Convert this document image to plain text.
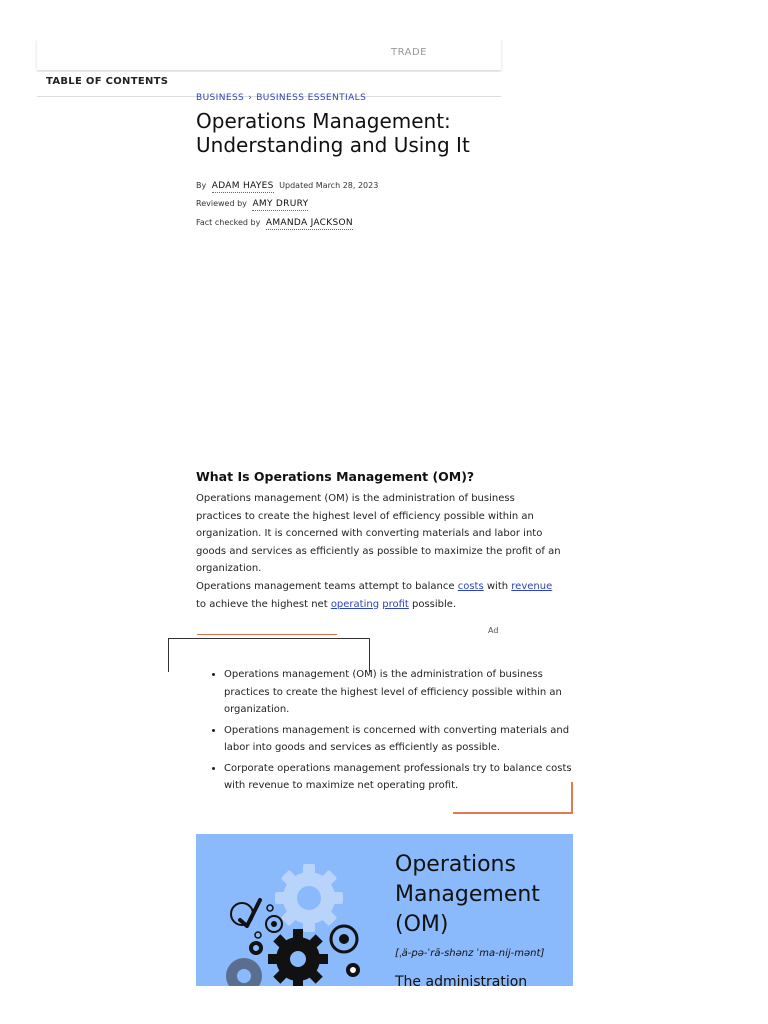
TRADE
TABLE OF CONTENTS
BUSINESS › BUSINESS ESSENTIALS
Operations Management: Understanding and Using It
By ADAM HAYES Updated March 28, 2023
Reviewed by AMY DRURY
Fact checked by AMANDA JACKSON
What Is Operations Management (OM)?

Operations management (OM) is the administration of business practices to create the highest level of efficiency possible within an organization. It is concerned with converting materials and labor into goods and services as efficiently as possible to maximize the profit of an organization.

Operations management teams attempt to balance costs with revenue to achieve the highest net operating profit possible.

Ad
• Operations management (OM) is the administration of business practices to create the highest level of efficiency possible within an organization.
• Operations management is concerned with converting materials and labor into goods and services as efficiently as possible.
• Corporate operations management professionals try to balance costs with revenue to maximize net operating profit.
Operations
Management
(OM)
[ˌä-pə-ˈrā-shənz ˈma-nij-mənt]
The administration
